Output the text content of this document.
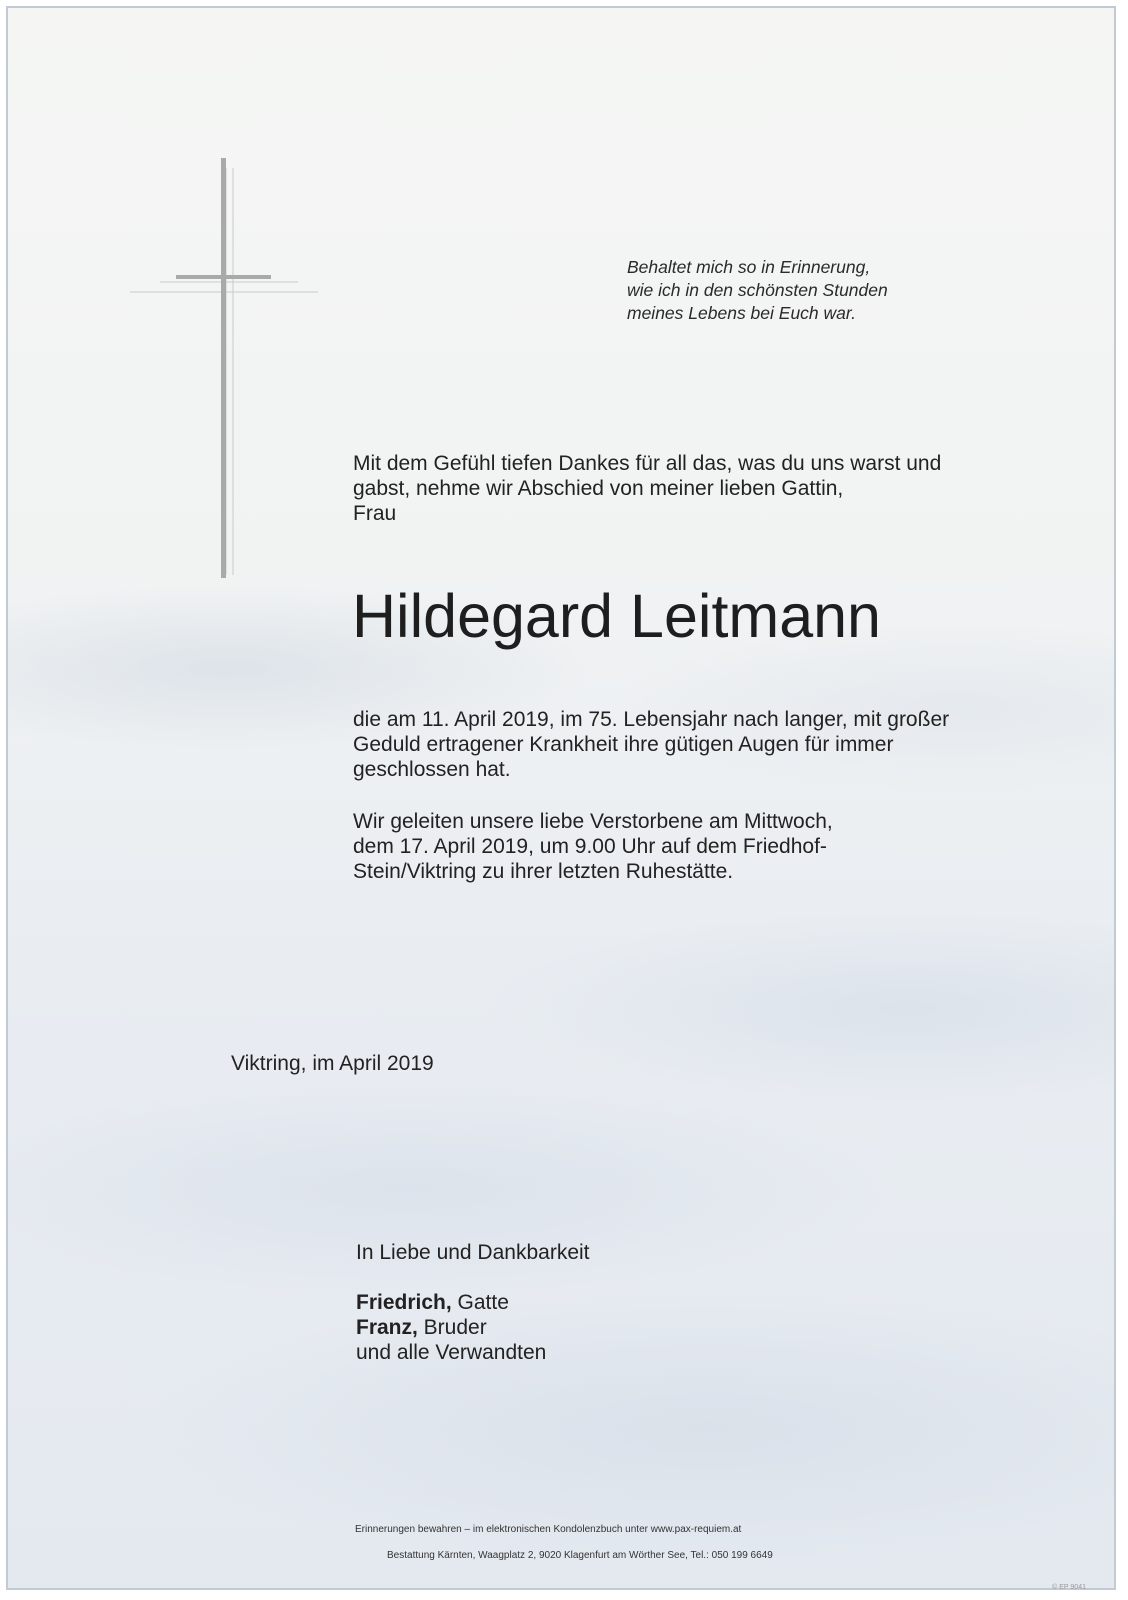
Behaltet mich so in Erinnerung,
wie ich in den schönsten Stunden
meines Lebens bei Euch war.
Mit dem Gefühl tiefen Dankes für all das, was du uns warst und
gabst, nehme wir Abschied von meiner lieben Gattin,
Frau
Hildegard Leitmann
die am 11. April 2019, im 75. Lebensjahr nach langer, mit großer
Geduld ertragener Krankheit ihre gütigen Augen für immer
geschlossen hat.
Wir geleiten unsere liebe Verstorbene am Mittwoch,
dem 17. April 2019, um 9.00 Uhr auf dem Friedhof-
Stein/Viktring zu ihrer letzten Ruhestätte.
Viktring, im April 2019
In Liebe und Dankbarkeit
Friedrich, Gatte
Franz, Bruder
und alle Verwandten
Erinnerungen bewahren – im elektronischen Kondolenzbuch unter www.pax-requiem.at
Bestattung Kärnten, Waagplatz 2, 9020 Klagenfurt am Wörther See, Tel.: 050 199 6649
© EP 9041
